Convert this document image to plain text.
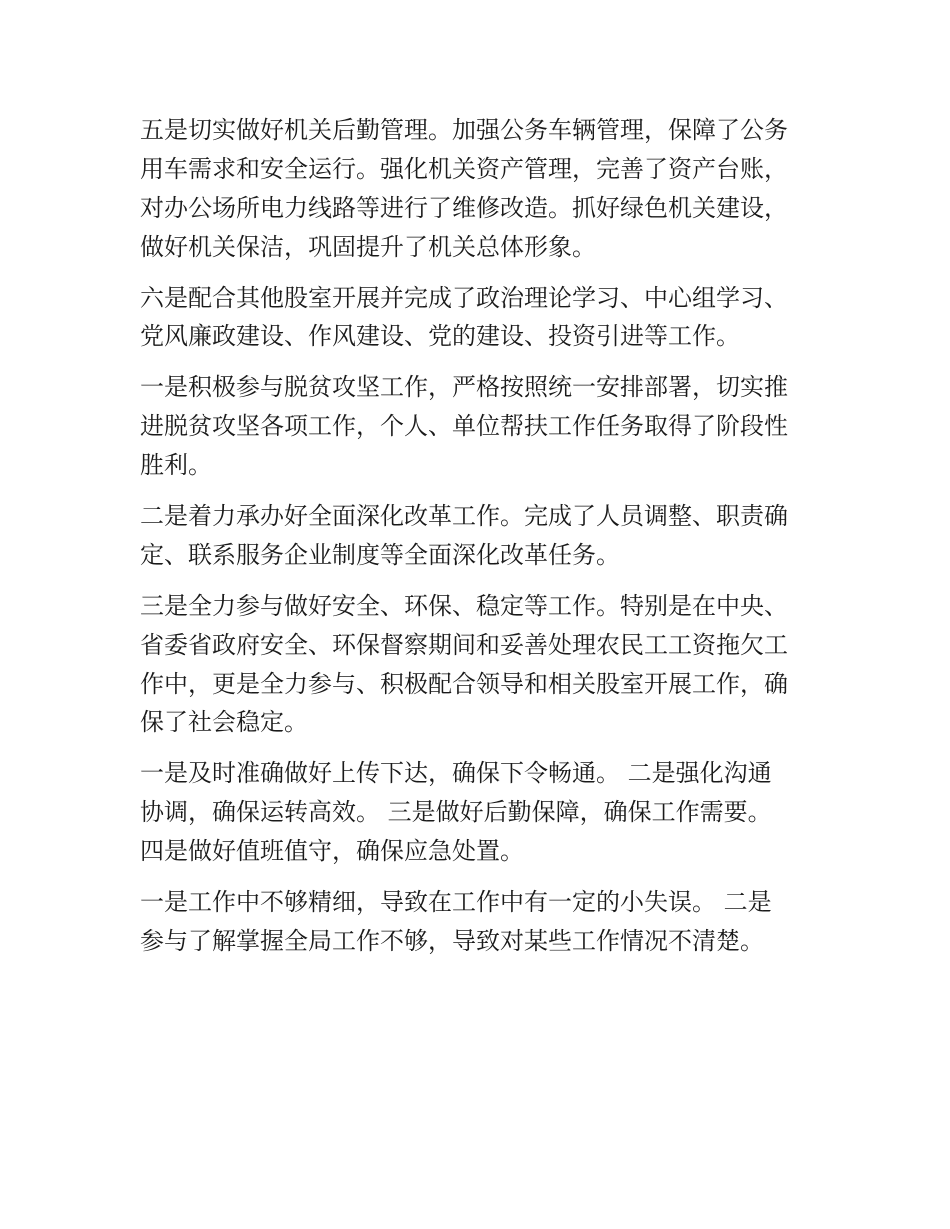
五是切实做好机关后勤管理。加强公务车辆管理，保障了公务
用车需求和安全运行。强化机关资产管理，完善了资产台账，
对办公场所电力线路等进行了维修改造。抓好绿色机关建设，
做好机关保洁，巩固提升了机关总体形象。

六是配合其他股室开展并完成了政治理论学习、中心组学习、
党风廉政建设、作风建设、党的建设、投资引进等工作。

一是积极参与脱贫攻坚工作，严格按照统一安排部署，切实推
进脱贫攻坚各项工作，个人、单位帮扶工作任务取得了阶段性
胜利。

二是着力承办好全面深化改革工作。完成了人员调整、职责确
定、联系服务企业制度等全面深化改革任务。

三是全力参与做好安全、环保、稳定等工作。特别是在中央、
省委省政府安全、环保督察期间和妥善处理农民工工资拖欠工
作中，更是全力参与、积极配合领导和相关股室开展工作，确
保了社会稳定。

一是及时准确做好上传下达，确保下令畅通。 二是强化沟通
协调，确保运转高效。 三是做好后勤保障，确保工作需要。
四是做好值班值守，确保应急处置。

一是工作中不够精细，导致在工作中有一定的小失误。 二是
参与了解掌握全局工作不够，导致对某些工作情况不清楚。
